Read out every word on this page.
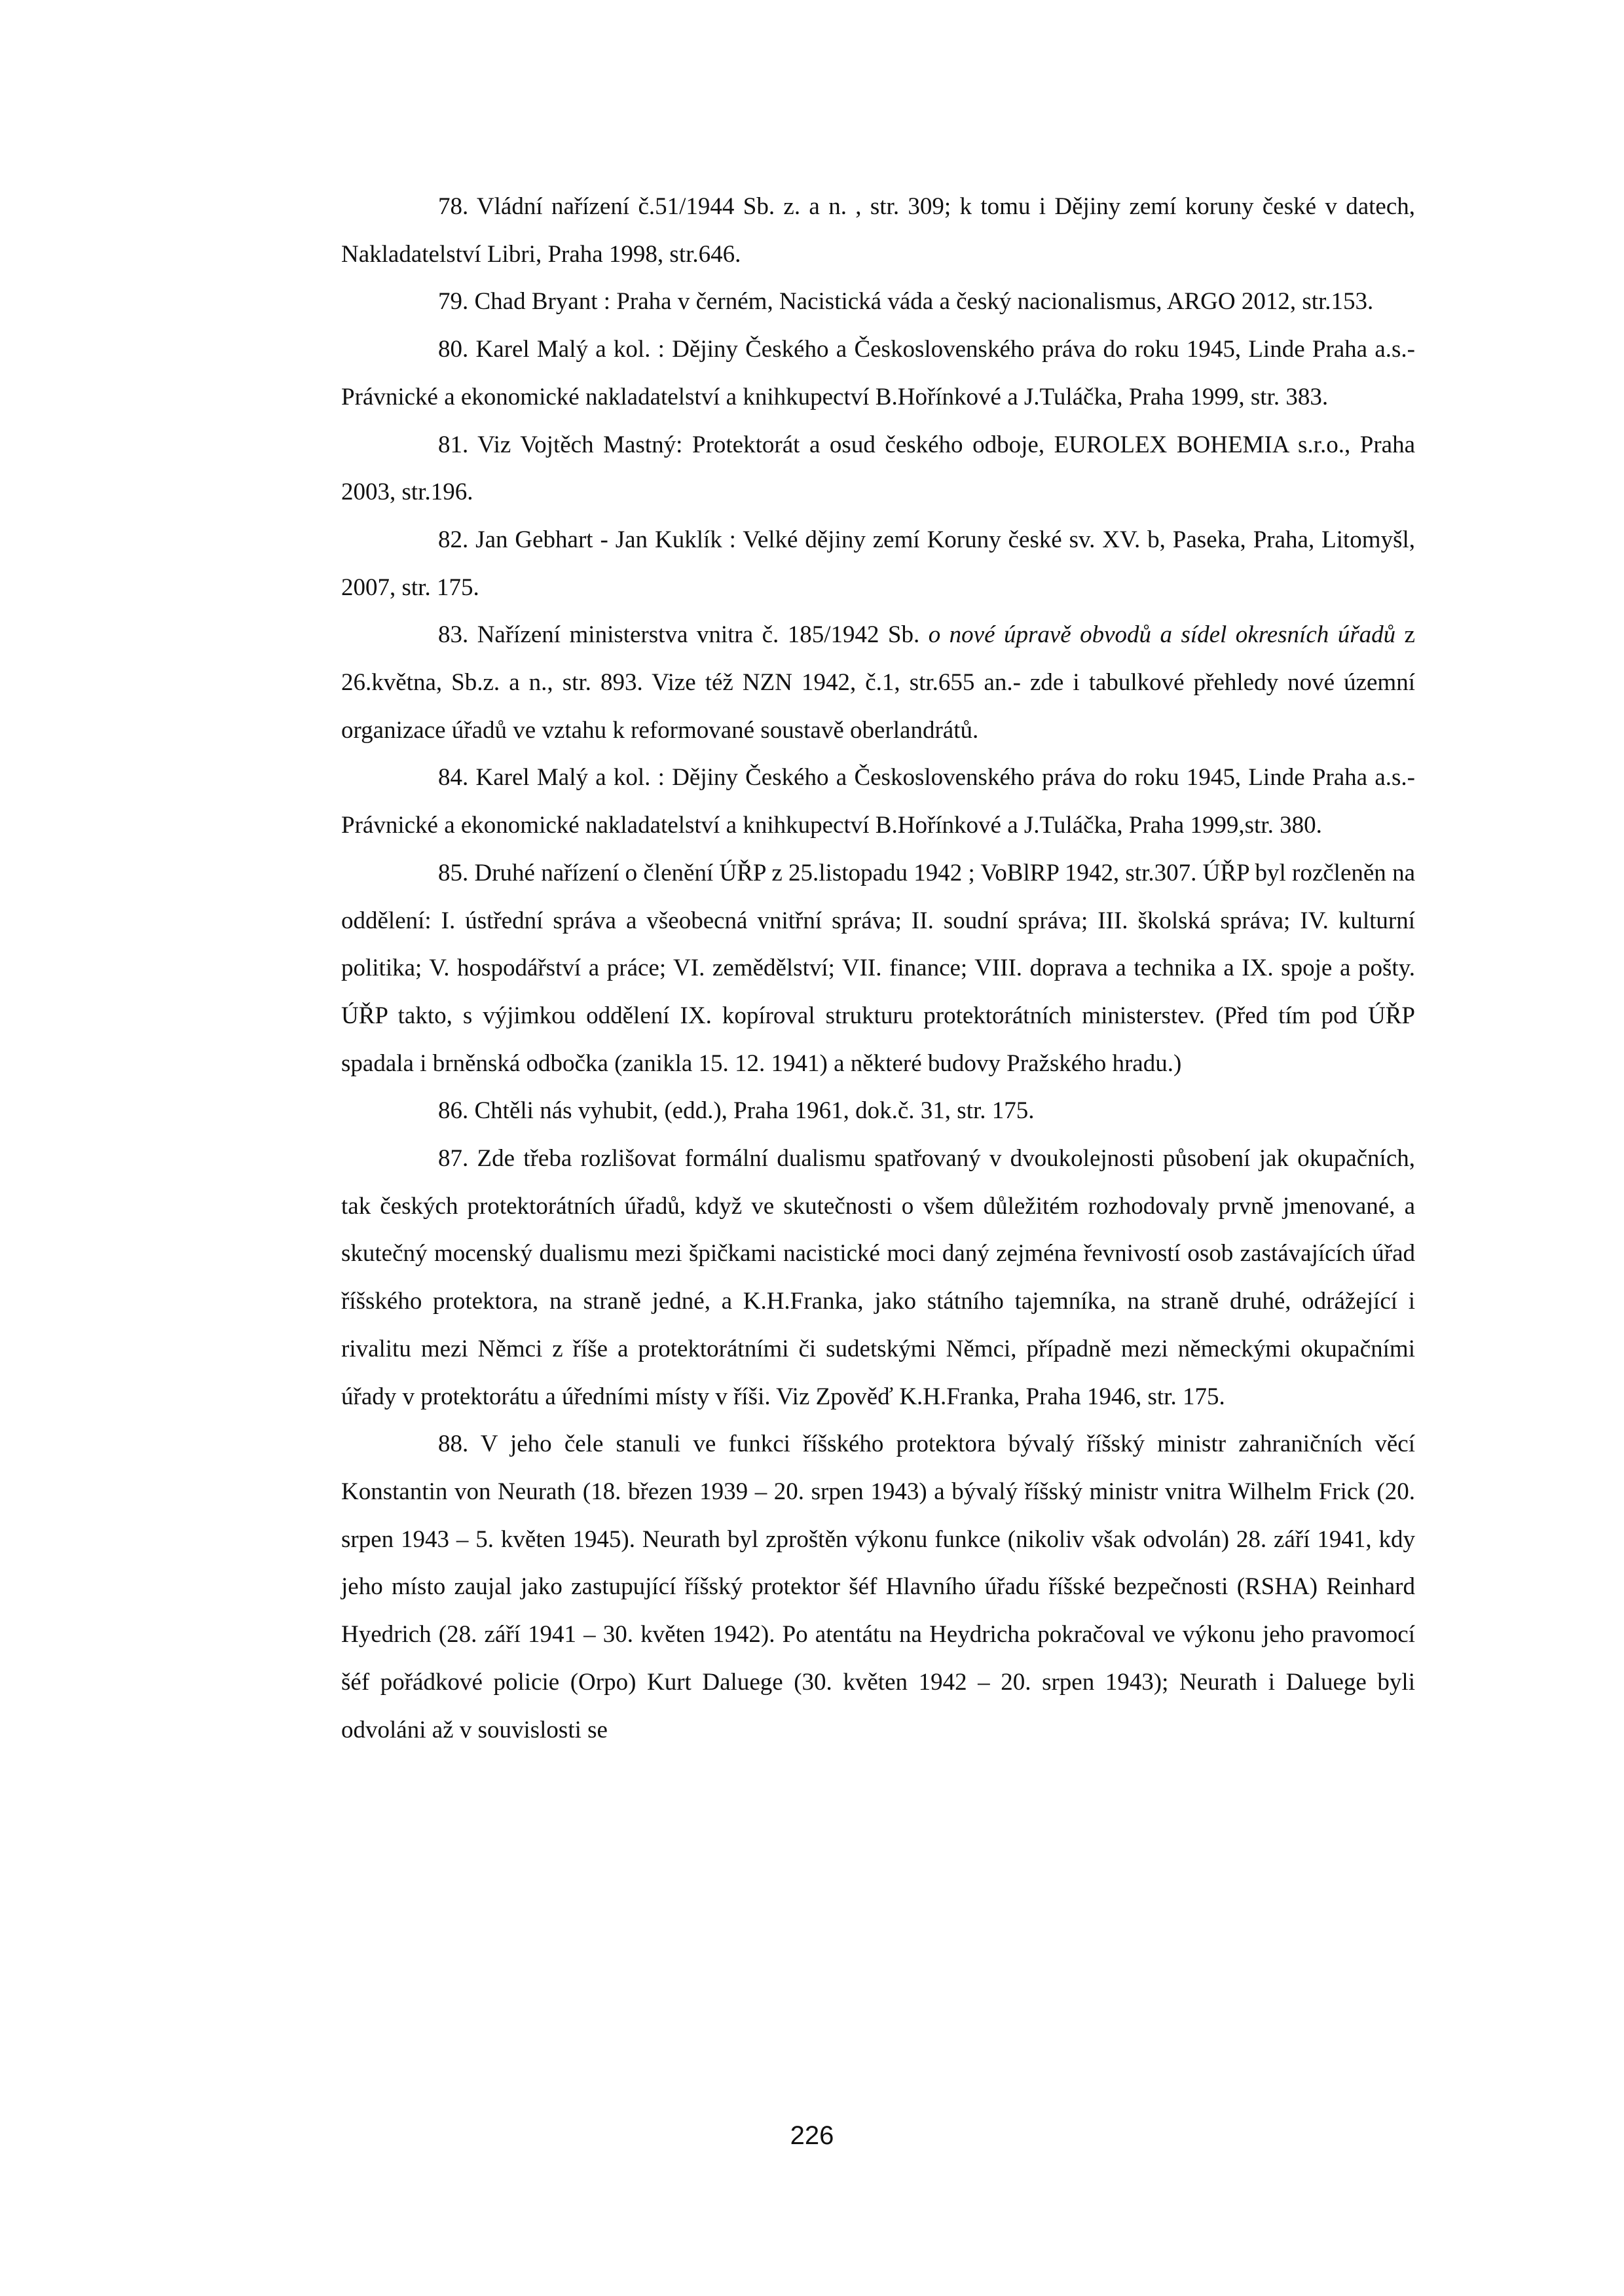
78. Vládní nařízení č.51/1944 Sb. z. a n. , str. 309; k tomu i Dějiny zemí koruny české v datech, Nakladatelství Libri, Praha 1998, str.646.

79. Chad Bryant : Praha v černém, Nacistická váda a český nacionalismus, ARGO 2012, str.153.

80. Karel Malý a kol. : Dějiny Českého a Československého práva do roku 1945, Linde Praha a.s.- Právnické a ekonomické nakladatelství a knihkupectví B.Hořínkové a J.Tuláčka, Praha 1999, str. 383.

81. Viz Vojtěch Mastný: Protektorát a osud českého odboje, EUROLEX BOHEMIA s.r.o., Praha 2003, str.196.

82. Jan Gebhart - Jan Kuklík : Velké dějiny zemí Koruny české sv. XV. b, Paseka, Praha, Litomyšl, 2007, str. 175.

83. Nařízení ministerstva vnitra č. 185/1942 Sb. o nové úpravě obvodů a sídel okresních úřadů z 26.května, Sb.z. a n., str. 893. Vize též NZN 1942, č.1, str.655 an.- zde i tabulkové přehledy nové územní organizace úřadů ve vztahu k reformované soustavě oberlandrátů.

84. Karel Malý a kol. : Dějiny Českého a Československého práva do roku 1945, Linde Praha a.s.- Právnické a ekonomické nakladatelství a knihkupectví B.Hořínkové a J.Tuláčka, Praha 1999,str. 380.

85. Druhé nařízení o členění ÚŘP z 25.listopadu 1942 ; VoBlRP 1942, str.307. ÚŘP byl rozčleněn na oddělení: I. ústřední správa a všeobecná vnitřní správa; II. soudní správa; III. školská správa; IV. kulturní politika; V. hospodářství a práce; VI. zemědělství; VII. finance; VIII. doprava a technika a IX. spoje a pošty. ÚŘP takto, s výjimkou oddělení IX. kopíroval strukturu protektorátních ministerstev. (Před tím pod ÚŘP spadala i brněnská odbočka (zanikla 15. 12. 1941) a některé budovy Pražského hradu.)

86. Chtěli nás vyhubit, (edd.), Praha 1961, dok.č. 31, str. 175.

87. Zde třeba rozlišovat formální dualismu spatřovaný v dvoukolejnosti působení jak okupačních, tak českých protektorátních úřadů, když ve skutečnosti o všem důležitém rozhodovaly prvně jmenované, a skutečný mocenský dualismu mezi špičkami nacistické moci daný zejména řevnivostí osob zastávajících úřad říšského protektora, na straně jedné, a K.H.Franka, jako státního tajemníka, na straně druhé, odrážející i rivalitu mezi Němci z říše a protektorátními či sudetskými Němci, případně mezi německými okupačními úřady v protektorátu a úředními místy v říši. Viz Zpověď K.H.Franka, Praha 1946, str. 175.

88. V jeho čele stanuli ve funkci říšského protektora bývalý říšský ministr zahraničních věcí Konstantin von Neurath (18. březen 1939 – 20. srpen 1943) a bývalý říšský ministr vnitra Wilhelm Frick (20. srpen 1943 – 5. květen 1945). Neurath byl zproštěn výkonu funkce (nikoliv však odvolán) 28. září 1941, kdy jeho místo zaujal jako zastupující říšský protektor šéf Hlavního úřadu říšské bezpečnosti (RSHA) Reinhard Hyedrich (28. září 1941 – 30. květen 1942). Po atentátu na Heydricha pokračoval ve výkonu jeho pravomocí šéf pořádkové policie (Orpo) Kurt Daluege (30. květen 1942 – 20. srpen 1943); Neurath i Daluege byli odvoláni až v souvislosti se

226
